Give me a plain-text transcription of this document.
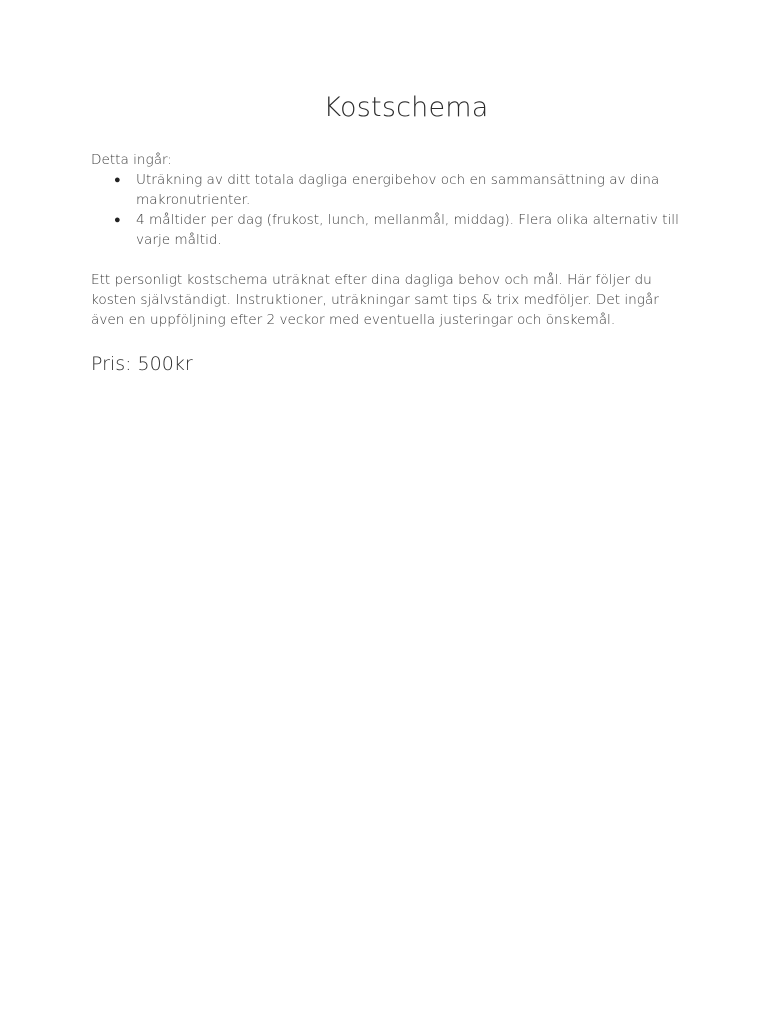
Kostschema

Detta ingår:

● Uträkning av ditt totala dagliga energibehov och en sammansättning av dina makronutrienter.
● 4 måltider per dag (frukost, lunch, mellanmål, middag). Flera olika alternativ till varje måltid.

Ett personligt kostschema uträknat efter dina dagliga behov och mål. Här följer du kosten självständigt. Instruktioner, uträkningar samt tips & trix medföljer. Det ingår även en uppföljning efter 2 veckor med eventuella justeringar och önskemål.

Pris: 500kr
